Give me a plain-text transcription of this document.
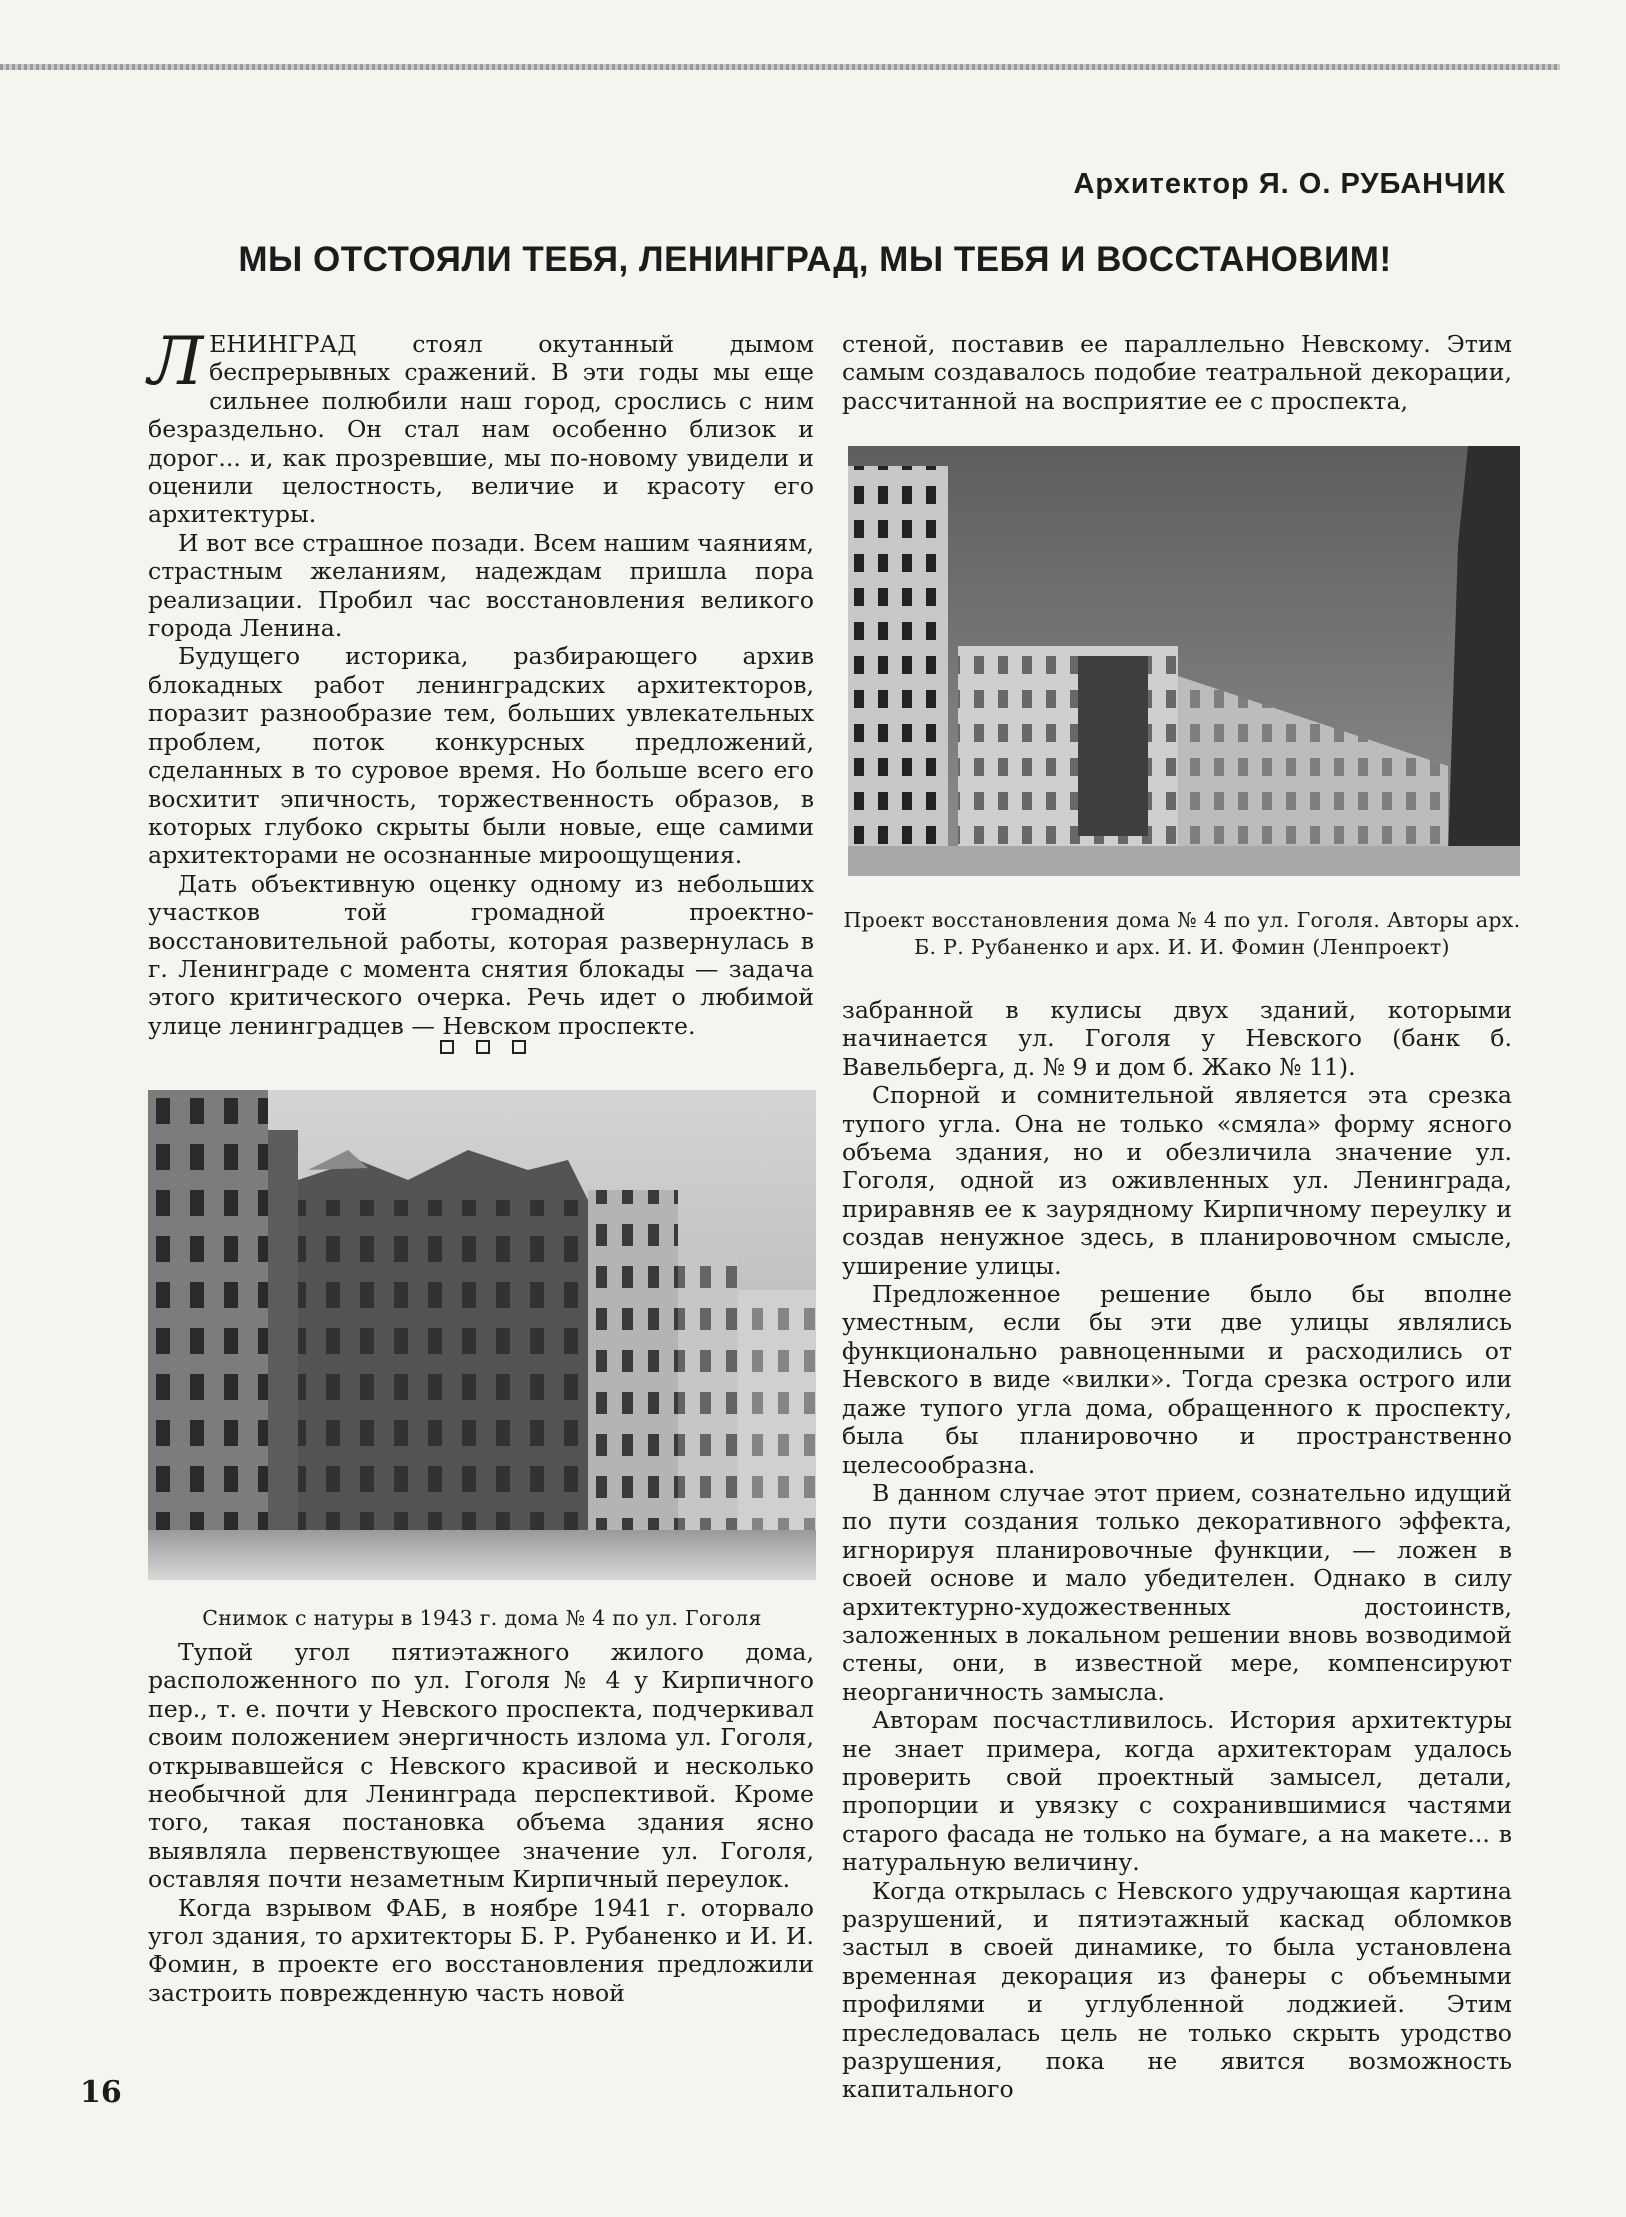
Архитектор Я. О. РУБАНЧИК
МЫ ОТСТОЯЛИ ТЕБЯ, ЛЕНИНГРАД, МЫ ТЕБЯ И ВОССТАНОВИМ!

ЛЕНИНГРАД стоял окутанный дымом беспрерывных сражений. В эти годы мы еще сильнее полюбили наш город, срослись с ним безраздельно. Он стал нам особенно близок и дорог... и, как прозревшие, мы по-новому увидели и оценили целостность, величие и красоту его архитектуры.

И вот все страшное позади. Всем нашим чаяниям, страстным желаниям, надеждам пришла пора реализации. Пробил час восстановления великого города Ленина.

Будущего историка, разбирающего архив блокадных работ ленинградских архитекторов, поразит разнообразие тем, больших увлекательных проблем, поток конкурсных предложений, сделанных в то суровое время. Но больше всего его восхитит эпичность, торжественность образов, в которых глубоко скрыты были новые, еще самими архитекторами не осознанные мироощущения.

Дать объективную оценку одному из небольших участков той громадной проектно-восстановительной работы, которая развернулась в г. Ленинграде с момента снятия блокады — задача этого критического очерка. Речь идет о любимой улице ленинградцев — Невском проспекте.

Снимок с натуры в 1943 г. дома № 4 по ул. Гоголя

Тупой угол пятиэтажного жилого дома, расположенного по ул. Гоголя № 4 у Кирпичного пер., т. е. почти у Невского проспекта, подчеркивал своим положением энергичность излома ул. Гоголя, открывавшейся с Невского красивой и несколько необычной для Ленинграда перспективой. Кроме того, такая постановка объема здания ясно выявляла первенствующее значение ул. Гоголя, оставляя почти незаметным Кирпичный переулок.

Когда взрывом ФАБ, в ноябре 1941 г. оторвало угол здания, то архитекторы Б. Р. Рубаненко и И. И. Фомин, в проекте его восстановления предложили застроить поврежденную часть новой

стеной, поставив ее параллельно Невскому. Этим самым создавалось подобие театральной декорации, рассчитанной на восприятие ее с проспекта,

Проект восстановления дома № 4 по ул. Гоголя. Авторы арх. Б. Р. Рубаненко и арх. И. И. Фомин (Ленпроект)

забранной в кулисы двух зданий, которыми начинается ул. Гоголя у Невского (банк б. Вавельберга, д. № 9 и дом б. Жако № 11).

Спорной и сомнительной является эта срезка тупого угла. Она не только «смяла» форму ясного объема здания, но и обезличила значение ул. Гоголя, одной из оживленных ул. Ленинграда, приравняв ее к заурядному Кирпичному переулку и создав ненужное здесь, в планировочном смысле, уширение улицы.

Предложенное решение было бы вполне уместным, если бы эти две улицы являлись функционально равноценными и расходились от Невского в виде «вилки». Тогда срезка острого или даже тупого угла дома, обращенного к проспекту, была бы планировочно и пространственно целесообразна.

В данном случае этот прием, сознательно идущий по пути создания только декоративного эффекта, игнорируя планировочные функции, — ложен в своей основе и мало убедителен. Однако в силу архитектурно-художественных достоинств, заложенных в локальном решении вновь возводимой стены, они, в известной мере, компенсируют неорганичность замысла.

Авторам посчастливилось. История архитектуры не знает примера, когда архитекторам удалось проверить свой проектный замысел, детали, пропорции и увязку с сохранившимися частями старого фасада не только на бумаге, а на макете... в натуральную величину.

Когда открылась с Невского удручающая картина разрушений, и пятиэтажный каскад обломков застыл в своей динамике, то была установлена временная декорация из фанеры с объемными профилями и углубленной лоджией. Этим преследовалась цель не только скрыть уродство разрушения, пока не явится возможность капитального

16
